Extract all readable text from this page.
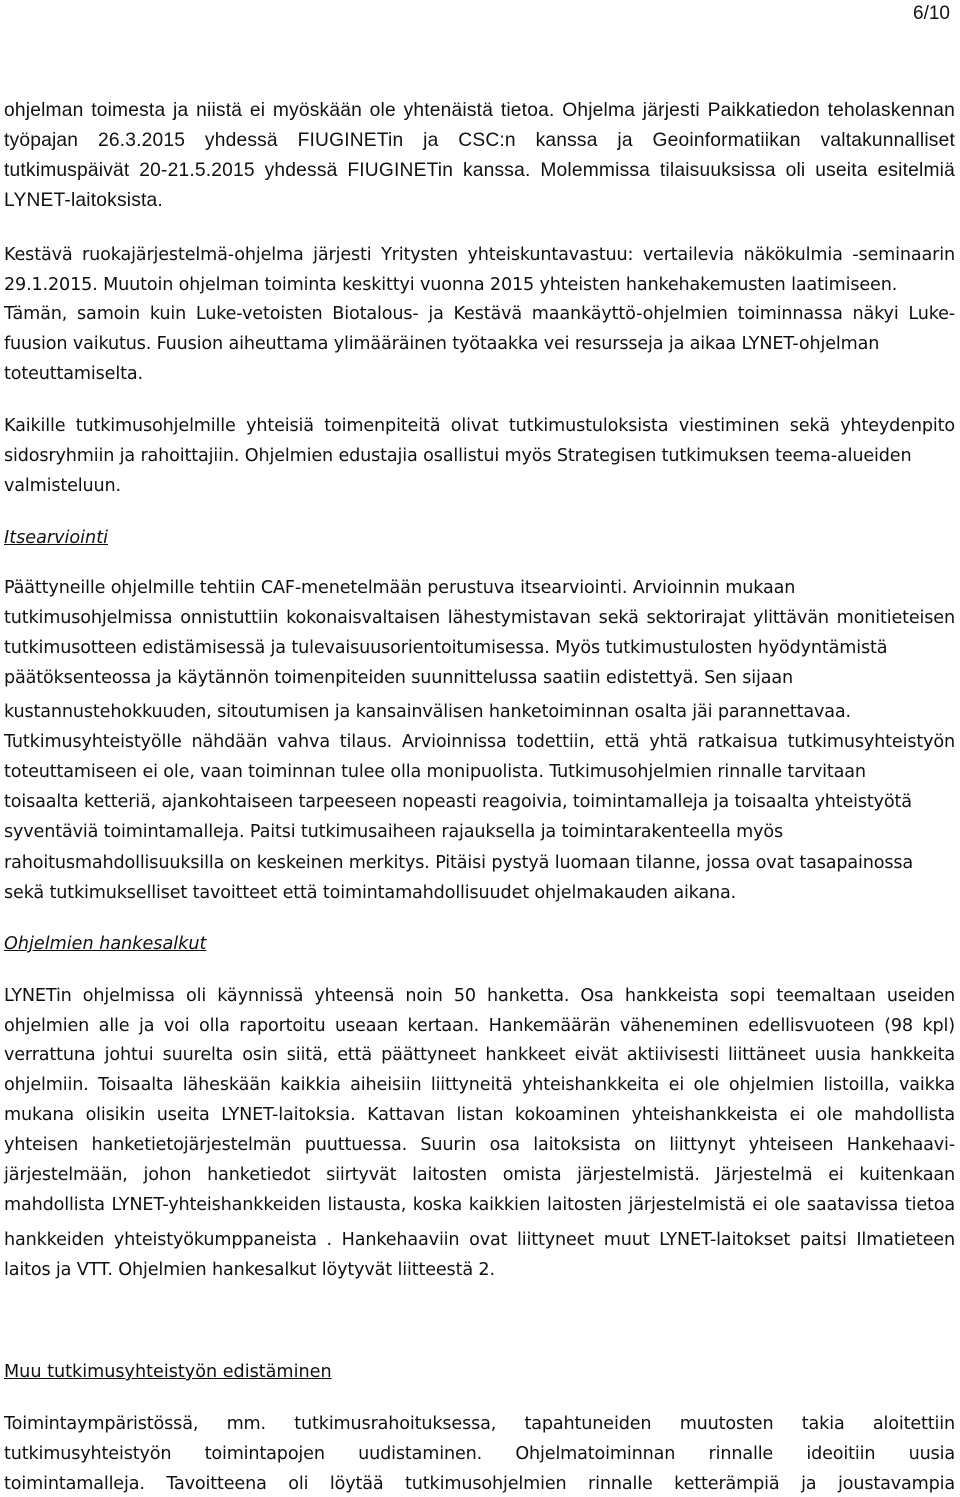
6/10
ohjelman toimesta ja niistä ei myöskään ole yhtenäistä tietoa. Ohjelma järjesti Paikkatiedon teholaskennan
työpajan 26.3.2015 yhdessä FIUGINETin ja CSC:n kanssa ja Geoinformatiikan valtakunnalliset
tutkimuspäivät 20-21.5.2015 yhdessä FIUGINETin kanssa. Molemmissa tilaisuuksissa oli useita esitelmiä
LYNET-laitoksista.
Kestävä ruokajärjestelmä-ohjelma järjesti Yritysten yhteiskuntavastuu: vertailevia näkökulmia -seminaarin
29.1.2015. Muutoin ohjelman toiminta keskittyi vuonna 2015 yhteisten hankehakemusten laatimiseen.
Tämän, samoin kuin Luke-vetoisten Biotalous- ja Kestävä maankäyttö-ohjelmien toiminnassa näkyi Luke-
fuusion vaikutus. Fuusion aiheuttama ylimääräinen työtaakka vei resursseja ja aikaa LYNET-ohjelman
toteuttamiselta.
Kaikille tutkimusohjelmille yhteisiä toimenpiteitä olivat tutkimustuloksista viestiminen sekä yhteydenpito
sidosryhmiin ja rahoittajiin. Ohjelmien edustajia osallistui myös Strategisen tutkimuksen teema-alueiden
valmisteluun.
Itsearviointi
Päättyneille ohjelmille tehtiin CAF-menetelmään perustuva itsearviointi. Arvioinnin mukaan
tutkimusohjelmissa onnistuttiin kokonaisvaltaisen lähestymistavan sekä sektorirajat ylittävän monitieteisen
tutkimusotteen edistämisessä ja tulevaisuusorientoitumisessa. Myös tutkimustulosten hyödyntämistä
päätöksenteossa ja käytännön toimenpiteiden suunnittelussa saatiin edistettyä. Sen sijaan
kustannustehokkuuden, sitoutumisen ja kansainvälisen hanketoiminnan osalta jäi parannettavaa.
Tutkimusyhteistyölle nähdään vahva tilaus. Arvioinnissa todettiin, että yhtä ratkaisua tutkimusyhteistyön
toteuttamiseen ei ole, vaan toiminnan tulee olla monipuolista. Tutkimusohjelmien rinnalle tarvitaan
toisaalta ketteriä, ajankohtaiseen tarpeeseen nopeasti reagoivia, toimintamalleja ja toisaalta yhteistyötä
syventäviä toimintamalleja. Paitsi tutkimusaiheen rajauksella ja toimintarakenteella myös
rahoitusmahdollisuuksilla on keskeinen merkitys. Pitäisi pystyä luomaan tilanne, jossa ovat tasapainossa
sekä tutkimukselliset tavoitteet että toimintamahdollisuudet ohjelmakauden aikana.
Ohjelmien hankesalkut
LYNETin ohjelmissa oli käynnissä yhteensä noin 50 hanketta. Osa hankkeista sopi teemaltaan useiden
ohjelmien alle ja voi olla raportoitu useaan kertaan. Hankemäärän väheneminen edellisvuoteen (98 kpl)
verrattuna johtui suurelta osin siitä, että päättyneet hankkeet eivät aktiivisesti liittäneet uusia hankkeita
ohjelmiin. Toisaalta läheskään kaikkia aiheisiin liittyneitä yhteishankkeita ei ole ohjelmien listoilla, vaikka
mukana olisikin useita LYNET-laitoksia. Kattavan listan kokoaminen yhteishankkeista ei ole mahdollista
yhteisen hanketietojärjestelmän puuttuessa. Suurin osa laitoksista on liittynyt yhteiseen Hankehaavi-
järjestelmään, johon hanketiedot siirtyvät laitosten omista järjestelmistä. Järjestelmä ei kuitenkaan
mahdollista LYNET-yhteishankkeiden listausta, koska kaikkien laitosten järjestelmistä ei ole saatavissa tietoa
hankkeiden yhteistyökumppaneista . Hankehaaviin ovat liittyneet muut LYNET-laitokset paitsi Ilmatieteen
laitos ja VTT. Ohjelmien hankesalkut löytyvät liitteestä 2.
Muu tutkimusyhteistyön edistäminen
Toimintaympäristössä, mm. tutkimusrahoituksessa, tapahtuneiden muutosten takia aloitettiin
tutkimusyhteistyön toimintapojen uudistaminen. Ohjelmatoiminnan rinnalle ideoitiin uusia
toimintamalleja. Tavoitteena oli löytää tutkimusohjelmien rinnalle ketterämpiä ja joustavampia
